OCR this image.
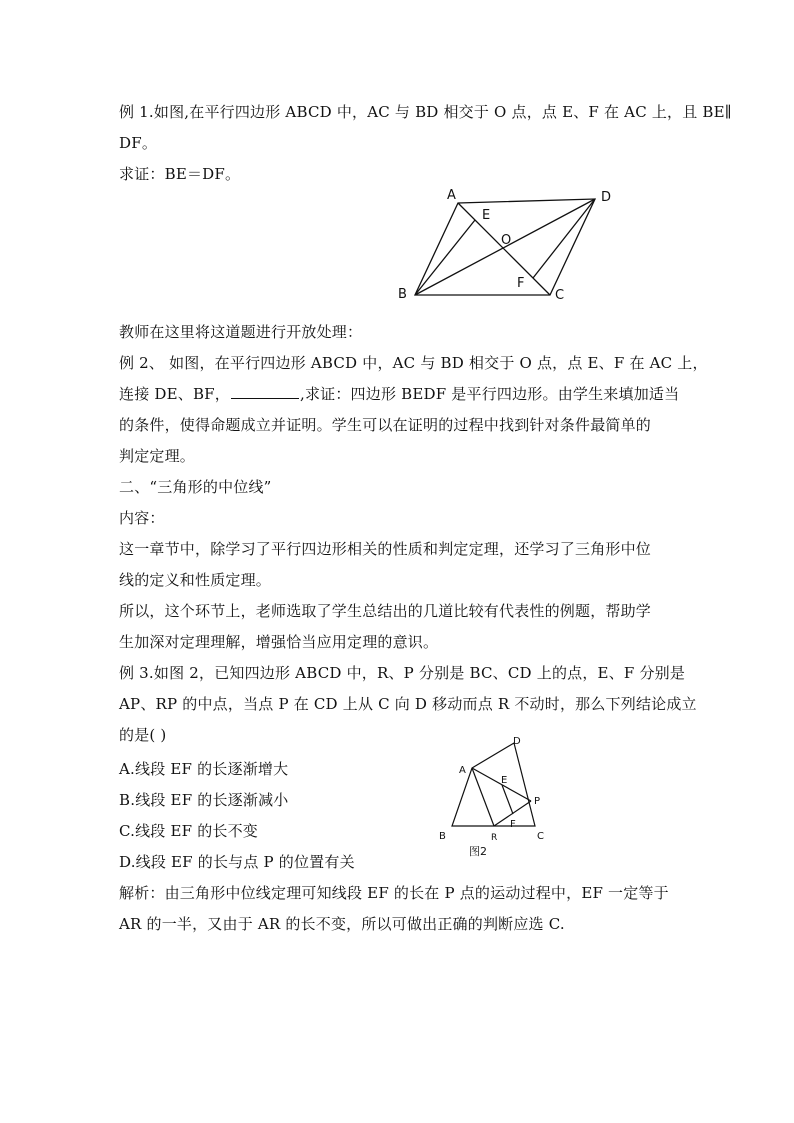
例 1.如图,在平行四边形 ABCD 中，AC 与 BD 相交于 O 点，点 E、F 在 AC 上，且 BE∥
DF。
求证：BE＝DF。
A	D
E
O
F
B	C
教师在这里将这道题进行开放处理：
例 2、 如图，在平行四边形 ABCD 中，AC 与 BD 相交于 O 点，点 E、F 在 AC 上，
连接 DE、BF，	,求证：四边形 BEDF 是平行四边形。由学生来填加适当
的条件，使得命题成立并证明。学生可以在证明的过程中找到针对条件最简单的
判定定理。
二、“三角形的中位线”
内容：
这一章节中，除学习了平行四边形相关的性质和判定定理，还学习了三角形中位
线的定义和性质定理。
所以，这个环节上，老师选取了学生总结出的几道比较有代表性的例题，帮助学
生加深对定理理解，增强恰当应用定理的意识。
例 3.如图 2，已知四边形 ABCD 中，R、P 分别是 BC、CD 上的点，E、F 分别是
AP、RP 的中点，当点 P 在 CD 上从 C 向 D 移动而点 R 不动时，那么下列结论成立
的是( )
A.线段 EF 的长逐渐增大
B.线段 EF 的长逐渐减小
C.线段 EF 的长不变
D.线段 EF 的长与点 P 的位置有关
D
A
E
P
F
B	R	C
图2
解析：由三角形中位线定理可知线段 EF 的长在 P 点的运动过程中，EF 一定等于
AR 的一半，又由于 AR 的长不变，所以可做出正确的判断应选 C.
